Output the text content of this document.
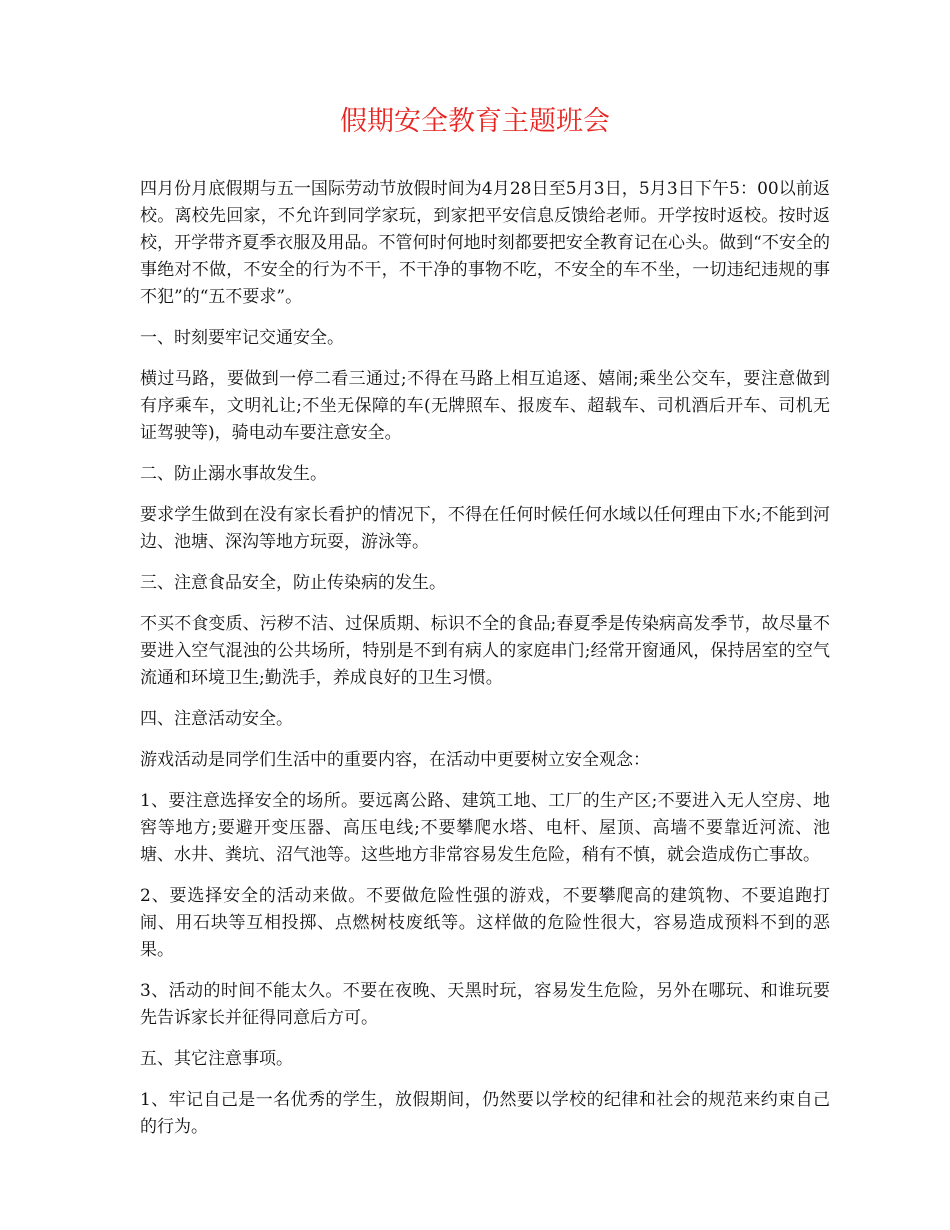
假期安全教育主题班会

四月份月底假期与五一国际劳动节放假时间为4月28日至5月3日，5月3日下午5：00以前返校。离校先回家，不允许到同学家玩，到家把平安信息反馈给老师。开学按时返校。按时返校，开学带齐夏季衣服及用品。不管何时何地时刻都要把安全教育记在心头。做到“不安全的事绝对不做，不安全的行为不干，不干净的事物不吃，不安全的车不坐，一切违纪违规的事不犯”的“五不要求”。

一、时刻要牢记交通安全。

横过马路，要做到一停二看三通过;不得在马路上相互追逐、嬉闹;乘坐公交车，要注意做到有序乘车，文明礼让;不坐无保障的车(无牌照车、报废车、超载车、司机酒后开车、司机无证驾驶等)，骑电动车要注意安全。

二、防止溺水事故发生。

要求学生做到在没有家长看护的情况下，不得在任何时候任何水域以任何理由下水;不能到河边、池塘、深沟等地方玩耍，游泳等。

三、注意食品安全，防止传染病的发生。

不买不食变质、污秽不洁、过保质期、标识不全的食品;春夏季是传染病高发季节，故尽量不要进入空气混浊的公共场所，特别是不到有病人的家庭串门;经常开窗通风，保持居室的空气流通和环境卫生;勤洗手，养成良好的卫生习惯。

四、注意活动安全。

游戏活动是同学们生活中的重要内容，在活动中更要树立安全观念：

1、要注意选择安全的场所。要远离公路、建筑工地、工厂的生产区;不要进入无人空房、地窖等地方;要避开变压器、高压电线;不要攀爬水塔、电杆、屋顶、高墙不要靠近河流、池塘、水井、粪坑、沼气池等。这些地方非常容易发生危险，稍有不慎，就会造成伤亡事故。

2、要选择安全的活动来做。不要做危险性强的游戏，不要攀爬高的建筑物、不要追跑打闹、用石块等互相投掷、点燃树枝废纸等。这样做的危险性很大，容易造成预料不到的恶果。

3、活动的时间不能太久。不要在夜晚、天黑时玩，容易发生危险，另外在哪玩、和谁玩要先告诉家长并征得同意后方可。

五、其它注意事项。

1、牢记自己是一名优秀的学生，放假期间，仍然要以学校的纪律和社会的规范来约束自己的行为。
